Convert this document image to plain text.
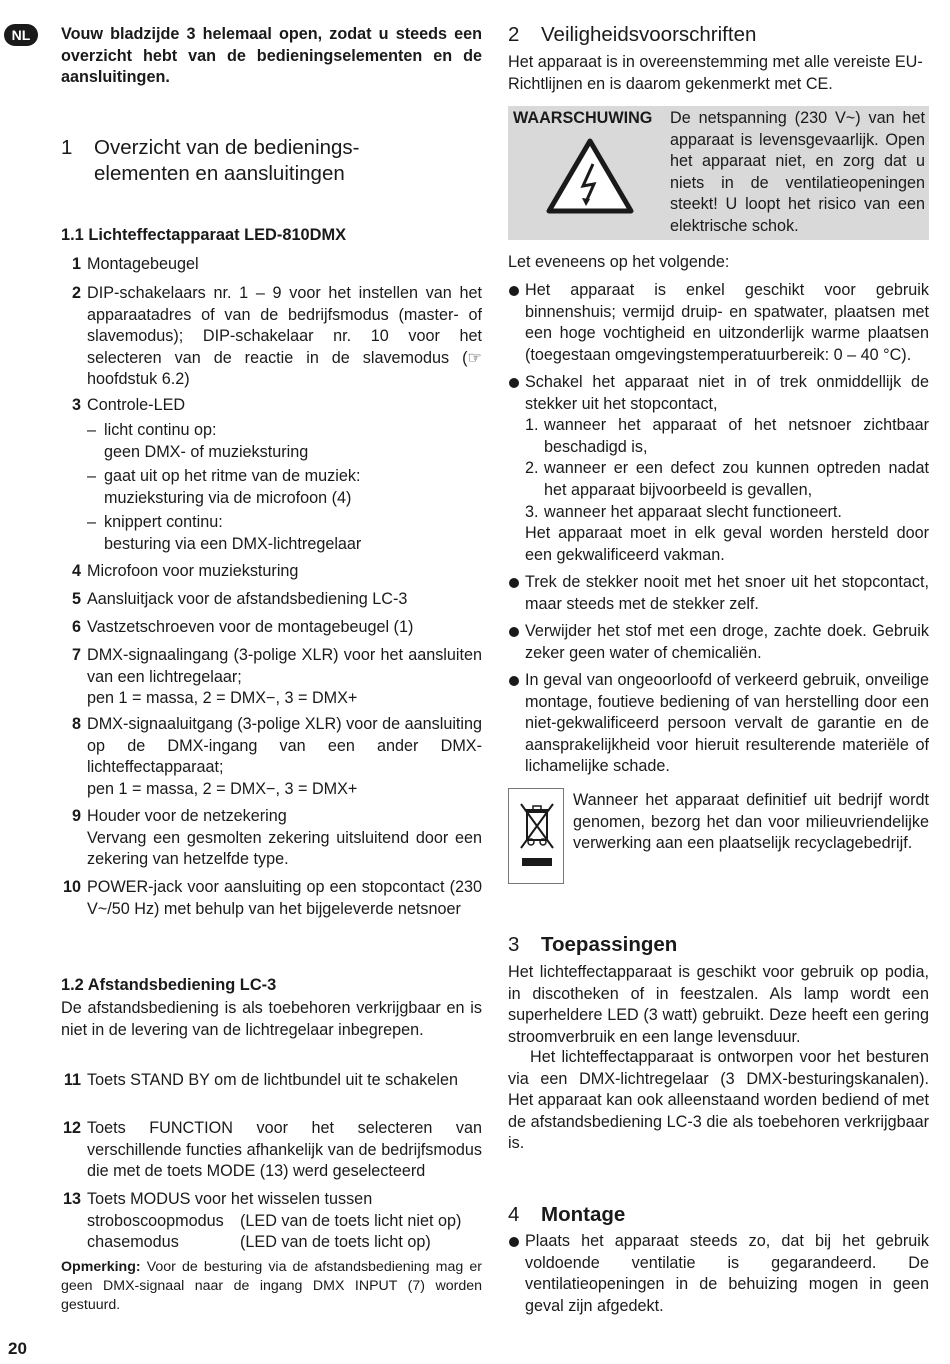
NL
20
Vouw bladzijde 3 helemaal open, zodat u steeds een overzicht hebt van de bedieningselementen en de aansluitingen.
1 Overzicht van de bedienings-
elementen en aansluitingen
1.1 Lichteffectapparaat LED-810DMX
1 Montagebeugel
2 DIP-schakelaars nr. 1 – 9 voor het instellen van het apparaatadres of van de bedrijfsmodus (master- of slavemodus); DIP-schakelaar nr. 10 voor het selecteren van de reactie in de slavemodus (☞ hoofdstuk 6.2)
3 Controle-LED
– licht continu op:
geen DMX- of muzieksturing
– gaat uit op het ritme van de muziek:
muzieksturing via de microfoon (4)
– knippert continu:
besturing via een DMX-lichtregelaar
4 Microfoon voor muzieksturing
5 Aansluitjack voor de afstandsbediening LC-3
6 Vastzetschroeven voor de montagebeugel (1)
7 DMX-signaalingang (3-polige XLR) voor het aansluiten van een lichtregelaar;
pen 1 = massa, 2 = DMX−, 3 = DMX+
8 DMX-signaaluitgang (3-polige XLR) voor de aansluiting op de DMX-ingang van een ander DMX-lichteffectapparaat;
pen 1 = massa, 2 = DMX−, 3 = DMX+
9 Houder voor de netzekering
Vervang een gesmolten zekering uitsluitend door een zekering van hetzelfde type.
10 POWER-jack voor aansluiting op een stopcontact (230 V~/50 Hz) met behulp van het bijgeleverde netsnoer
1.2 Afstandsbediening LC-3
De afstandsbediening is als toebehoren verkrijgbaar en is niet in de levering van de lichtregelaar inbegrepen.
11 Toets STAND BY om de lichtbundel uit te schakelen
12 Toets FUNCTION voor het selecteren van verschillende functies afhankelijk van de bedrijfsmodus die met de toets MODE (13) werd geselecteerd
13 Toets MODUS voor het wisselen tussen
stroboscoopmodus (LED van de toets licht niet op)
chasemodus	(LED van de toets licht op)
Opmerking: Voor de besturing via de afstandsbediening mag er geen DMX-signaal naar de ingang DMX INPUT (7) worden gestuurd.
2 Veiligheidsvoorschriften
Het apparaat is in overeenstemming met alle vereiste EU-Richtlijnen en is daarom gekenmerkt met CE.
WAARSCHUWING De netspanning (230 V~) van het apparaat is levensgevaarlijk. Open het apparaat niet, en zorg dat u niets in de ventilatieopeningen steekt! U loopt het risico van een elektrische schok.
Let eveneens op het volgende:
Het apparaat is enkel geschikt voor gebruik binnenshuis; vermijd druip- en spatwater, plaatsen met een hoge vochtigheid en uitzonderlijk warme plaatsen (toegestaan omgevingstemperatuurbereik: 0 – 40 °C).
Schakel het apparaat niet in of trek onmiddellijk de stekker uit het stopcontact,
1. wanneer het apparaat of het netsnoer zichtbaar beschadigd is,
2. wanneer er een defect zou kunnen optreden nadat het apparaat bijvoorbeeld is gevallen,
3. wanneer het apparaat slecht functioneert.
Het apparaat moet in elk geval worden hersteld door een gekwalificeerd vakman.
Trek de stekker nooit met het snoer uit het stopcontact, maar steeds met de stekker zelf.
Verwijder het stof met een droge, zachte doek. Gebruik zeker geen water of chemicaliën.
In geval van ongeoorloofd of verkeerd gebruik, onveilige montage, foutieve bediening of van herstelling door een niet-gekwalificeerd persoon vervalt de garantie en de aansprakelijkheid voor hieruit resulterende materiële of lichamelijke schade.
Wanneer het apparaat definitief uit bedrijf wordt genomen, bezorg het dan voor milieuvriendelijke verwerking aan een plaatselijk recyclagebedrijf.
3 Toepassingen
Het lichteffectapparaat is geschikt voor gebruik op podia, in discotheken of in feestzalen. Als lamp wordt een superheldere LED (3 watt) gebruikt. Deze heeft een gering stroomverbruik en een lange levensduur.
Het lichteffectapparaat is ontworpen voor het besturen via een DMX-lichtregelaar (3 DMX-besturingskanalen). Het apparaat kan ook alleenstaand worden bediend of met de afstandsbediening LC-3 die als toebehoren verkrijgbaar is.
4 Montage
Plaats het apparaat steeds zo, dat bij het gebruik voldoende ventilatie is gegarandeerd. De ventilatieopeningen in de behuizing mogen in geen geval zijn afgedekt.
